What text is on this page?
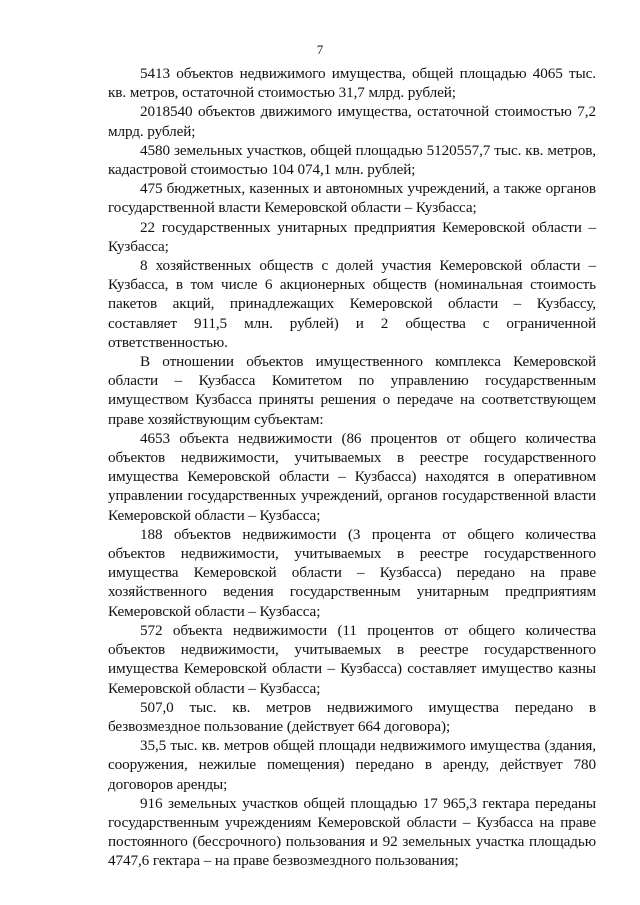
7

5413 объектов недвижимого имущества, общей площадью 4065 тыс. кв. метров, остаточной стоимостью 31,7 млрд. рублей;

2018540 объектов движимого имущества, остаточной стоимостью 7,2 млрд. рублей;

4580 земельных участков, общей площадью 5120557,7 тыс. кв. метров, кадастровой стоимостью 104 074,1 млн. рублей;

475 бюджетных, казенных и автономных учреждений, а также органов государственной власти Кемеровской области – Кузбасса;

22 государственных унитарных предприятия Кемеровской области – Кузбасса;

8 хозяйственных обществ с долей участия Кемеровской области – Кузбасса, в том числе 6 акционерных обществ (номинальная стоимость пакетов акций, принадлежащих Кемеровской области – Кузбассу, составляет 911,5 млн. рублей) и 2 общества с ограниченной ответственностью.

В отношении объектов имущественного комплекса Кемеровской области – Кузбасса Комитетом по управлению государственным имуществом Кузбасса приняты решения о передаче на соответствующем праве хозяйствующим субъектам:

4653 объекта недвижимости (86 процентов от общего количества объектов недвижимости, учитываемых в реестре государственного имущества Кемеровской области – Кузбасса) находятся в оперативном управлении государственных учреждений, органов государственной власти Кемеровской области – Кузбасса;

188 объектов недвижимости (3 процента от общего количества объектов недвижимости, учитываемых в реестре государственного имущества Кемеровской области – Кузбасса) передано на праве хозяйственного ведения государственным унитарным предприятиям Кемеровской области – Кузбасса;

572 объекта недвижимости (11 процентов от общего количества объектов недвижимости, учитываемых в реестре государственного имущества Кемеровской области – Кузбасса) составляет имущество казны Кемеровской области – Кузбасса;

507,0 тыс. кв. метров недвижимого имущества передано в безвозмездное пользование (действует 664 договора);

35,5 тыс. кв. метров общей площади недвижимого имущества (здания, сооружения, нежилые помещения) передано в аренду, действует 780 договоров аренды;

916 земельных участков общей площадью 17 965,3 гектара переданы государственным учреждениям Кемеровской области – Кузбасса на праве постоянного (бессрочного) пользования и 92 земельных участка площадью 4747,6 гектара – на праве безвозмездного пользования;
